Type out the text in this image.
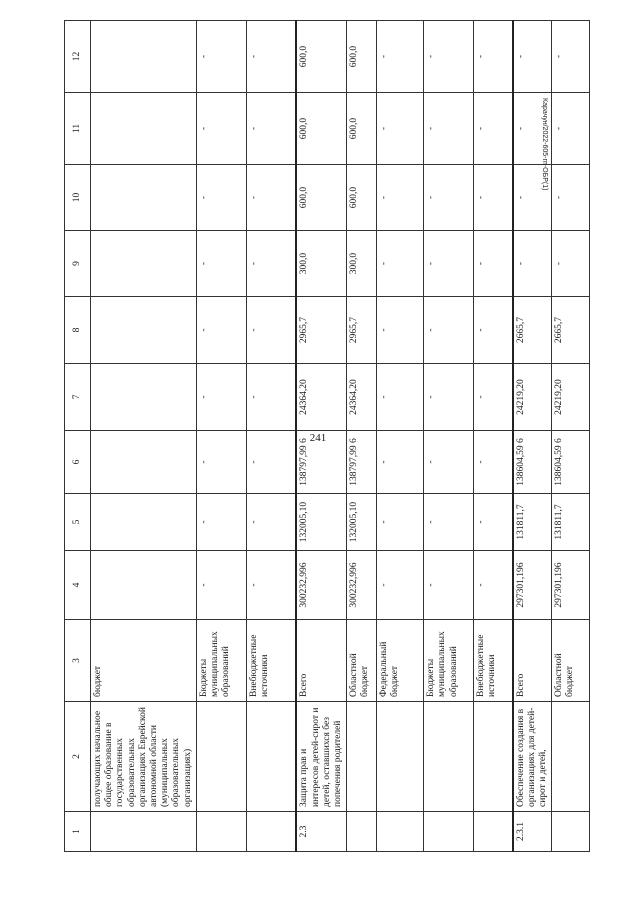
241
Карачун/2022-605-гп-ОБР(1)
1	2	3	4	5	6	7	8	9	10	11	12
	получающих начальное общее образование в государственных образовательных организациях Еврейской автономной области (муниципальных образовательных организациях)	бюджет									
		Бюджеты муниципальных образований	-	-	-	-	-	-	-	-	-
		Внебюджетные источники	-	-	-	-	-	-	-	-	-
2.3	Защита прав и интересов детей-сирот и детей, оставшихся без попечения родителей	Всего	300232,996	132005,10	138797,99 6	24364,20	2965,7	300,0	600,0	600,0	600,0
		Областной бюджет	300232,996	132005,10	138797,99 6	24364,20	2965,7	300,0	600,0	600,0	600,0
		Федеральный бюджет	-	-	-	-	-	-	-	-	-
		Бюджеты муниципальных образований	-	-	-	-	-	-	-	-	-
		Внебюджетные источники	-	-	-	-	-	-	-	-	-
2.3.1	Обеспечение создания в организациях для детей-сирот и детей,	Всего	297301,196	131811,7	138604,59 6	24219,20	2665,7	-	-	-	-
		Областной бюджет	297301,196	131811,7	138604,59 6	24219,20	2665,7	-	-	-	-
